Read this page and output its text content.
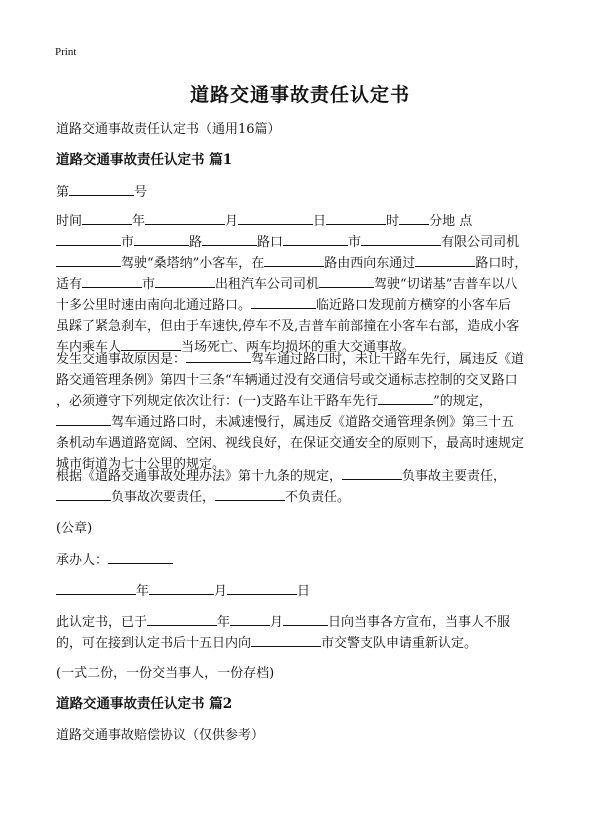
Print
道路交通事故责任认定书
道路交通事故责任认定书（通用16篇）
道路交通事故责任认定书 篇1
第	号
时间	年	月	日	时 分地 点
市	路	路口	市	有限公司司机
驾驶“桑塔纳”小客车，在	路由西向东通过	路口时，
适有	市	出租汽车公司司机	驾驶“切诺基”吉普车以八
十多公里时速由南向北通过路口。	临近路口发现前方横穿的小客车后
虽踩了紧急刹车，但由于车速快,停车不及,吉普车前部撞在小客车右部，造成小客
车内乘车人	当场死亡、两车均损坏的重大交通事故。
发生交通事故原因是：	驾车通过路口时，未让干路车先行，属违反《道
路交通管理条例》第四十三条“车辆通过没有交通信号或交通标志控制的交叉路口
，必须遵守下列规定依次让行：(一)支路车让干路车先行	”的规定，
驾车通过路口时，未减速慢行，属违反《道路交通管理条例》第三十五
条机动车遇道路宽阔、空闲、视线良好，在保证交通安全的原则下，最高时速规定
城市街道为七十公里的规定。
根据《道路交通事故处理办法》第十九条的规定，	负事故主要责任，
负事故次要责任，	不负责任。
(公章)
承办人：
年	月	日
此认定书，已于	年	月	日向当事各方宣布，当事人不服
的，可在接到认定书后十五日内向	市交警支队申请重新认定。
(一式二份，一份交当事人，一份存档)
道路交通事故责任认定书 篇2
道路交通事故赔偿协议（仅供参考）
